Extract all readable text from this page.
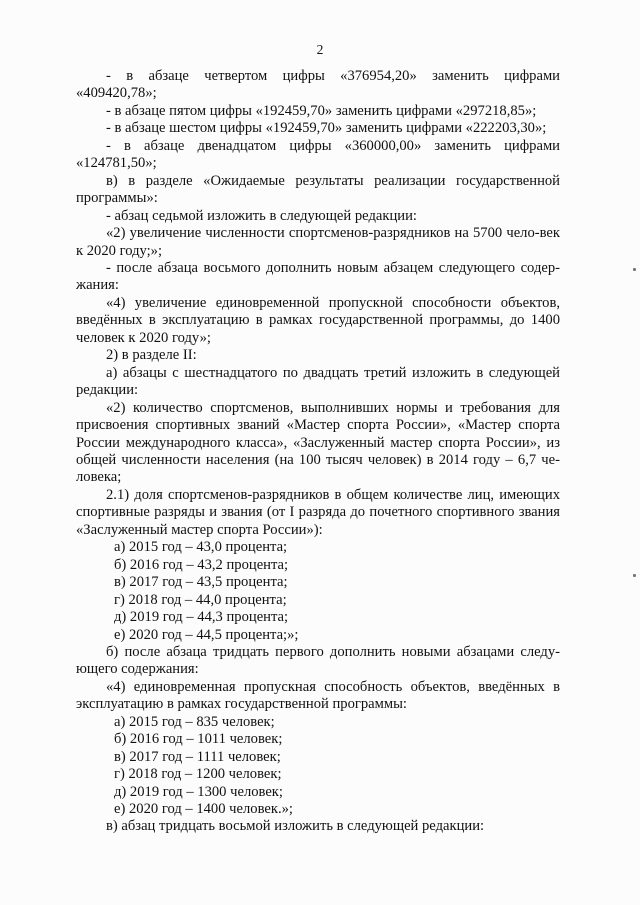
2

- в абзаце четвертом цифры «376954,20» заменить цифрами «409420,78»;

- в абзаце пятом цифры «192459,70» заменить цифрами «297218,85»;

- в абзаце шестом цифры «192459,70» заменить цифрами «222203,30»;

- в абзаце двенадцатом цифры «360000,00» заменить цифрами «124781,50»;

в) в разделе «Ожидаемые результаты реализации государственной программы»:

- абзац седьмой изложить в следующей редакции:

«2) увеличение численности спортсменов-разрядников на 5700 чело-век к 2020 году;»;

- после абзаца восьмого дополнить новым абзацем следующего содер-жания:

«4) увеличение единовременной пропускной способности объектов, введённых в эксплуатацию в рамках государственной программы, до 1400 человек к 2020 году»;

2) в разделе II:

а) абзацы с шестнадцатого по двадцать третий изложить в следующей редакции:

«2) количество спортсменов, выполнивших нормы и требования для присвоения спортивных званий «Мастер спорта России», «Мастер спорта России международного класса», «Заслуженный мастер спорта России», из общей численности населения (на 100 тысяч человек) в 2014 году – 6,7 че-ловека;

2.1) доля спортсменов-разрядников в общем количестве лиц, имеющих спортивные разряды и звания (от I разряда до почетного спортивного звания «Заслуженный мастер спорта России»):

а) 2015 год – 43,0 процента;

б) 2016 год – 43,2 процента;

в) 2017 год – 43,5 процента;

г) 2018 год – 44,0 процента;

д) 2019 год – 44,3 процента;

е) 2020 год – 44,5 процента;»;

б) после абзаца тридцать первого дополнить новыми абзацами следу-ющего содержания:

«4) единовременная пропускная способность объектов, введённых в эксплуатацию в рамках государственной программы:

а) 2015 год – 835 человек;

б) 2016 год – 1011 человек;

в) 2017 год – 1111 человек;

г) 2018 год – 1200 человек;

д) 2019 год – 1300 человек;

е) 2020 год – 1400 человек.»;

в) абзац тридцать восьмой изложить в следующей редакции:
